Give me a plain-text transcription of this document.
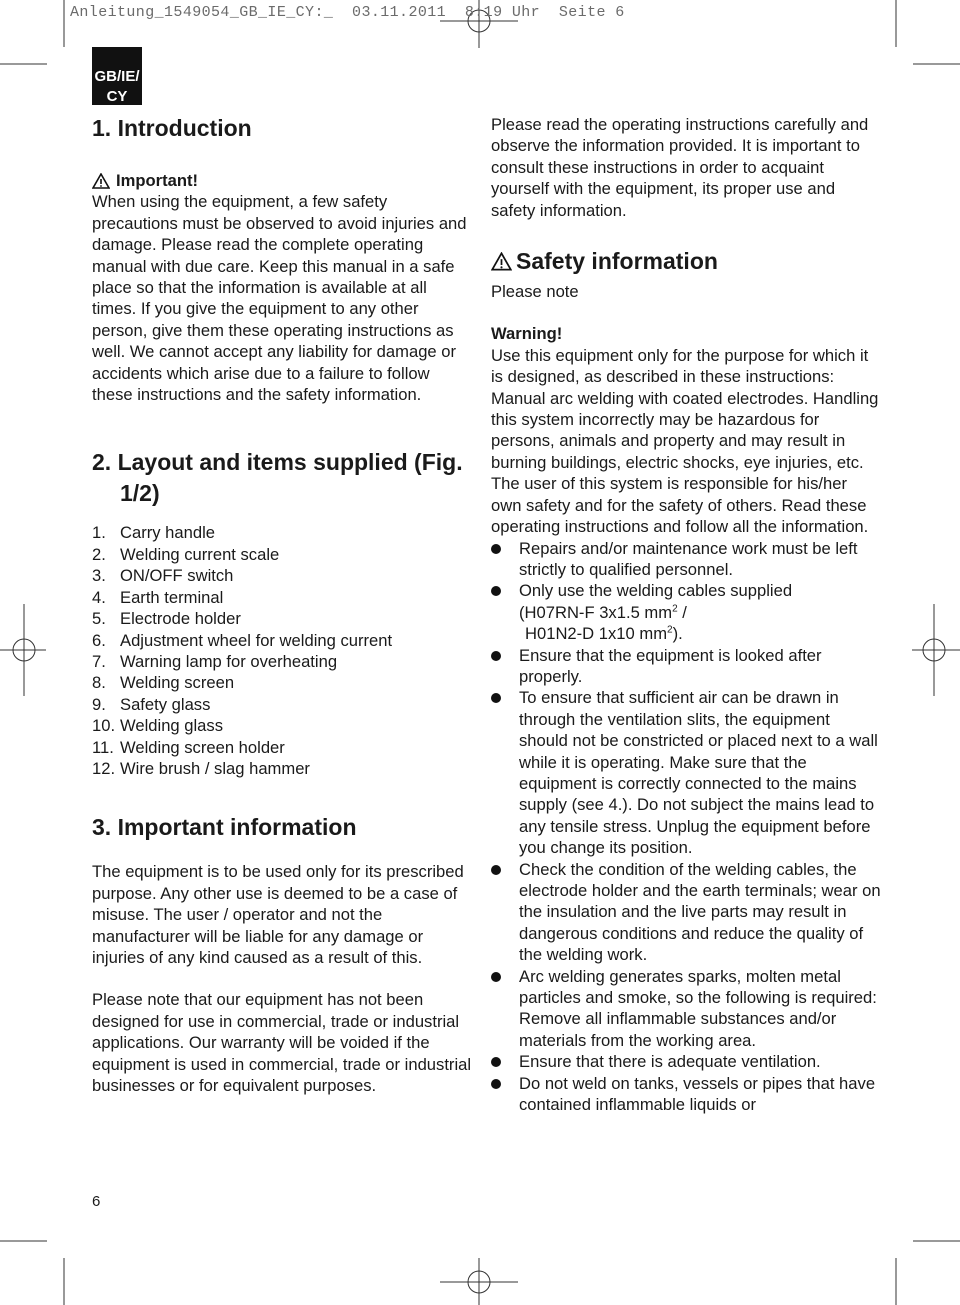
Anleitung_1549054_GB_IE_CY:_  03.11.2011  8:19 Uhr  Seite 6
GB/IE/
CY
1. Introduction
Important!

When using the equipment, a few safety precautions must be observed to avoid injuries and damage. Please read the complete operating manual with due care. Keep this manual in a safe place so that the information is available at all times. If you give the equipment to any other person, give them these operating instructions as well. We cannot accept any liability for damage or accidents which arise due to a failure to follow these instructions and the safety information.

2. Layout and items supplied (Fig. 1/2)
1. Carry handle
2. Welding current scale
3. ON/OFF switch
4. Earth terminal
5. Electrode holder
6. Adjustment wheel for welding current
7. Warning lamp for overheating
8. Welding screen
9. Safety glass
10. Welding glass
11. Welding screen holder
12. Wire brush / slag hammer
3. Important information

The equipment is to be used only for its prescribed purpose. Any other use is deemed to be a case of misuse. The user / operator and not the manufacturer will be liable for any damage or injuries of any kind caused as a result of this.

Please note that our equipment has not been designed for use in commercial, trade or industrial applications. Our warranty will be voided if the equipment is used in commercial, trade or industrial businesses or for equivalent purposes.

Please read the operating instructions carefully and observe the information provided. It is important to consult these instructions in order to acquaint yourself with the equipment, its proper use and safety information.

Safety information

Please note

Warning!

Use this equipment only for the purpose for which it is designed, as described in these instructions: Manual arc welding with coated electrodes. Handling this system incorrectly may be hazardous for persons, animals and property and may result in burning buildings, electric shocks, eye injuries, etc. The user of this system is responsible for his/her own safety and for the safety of others. Read these operating instructions and follow all the information.

Repairs and/or maintenance work must be left strictly to qualified personnel.
Only use the welding cables supplied
(H07RN-F 3x1.5 $mm^2$ /
H01N2-D 1x10 $mm^2$).
Ensure that the equipment is looked after properly.
To ensure that sufficient air can be drawn in through the ventilation slits, the equipment should not be constricted or placed next to a wall while it is operating. Make sure that the equipment is correctly connected to the mains supply (see 4.). Do not subject the mains lead to any tensile stress. Unplug the equipment before you change its position.
Check the condition of the welding cables, the electrode holder and the earth terminals; wear on the insulation and the live parts may result in dangerous conditions and reduce the quality of the welding work.
Arc welding generates sparks, molten metal particles and smoke, so the following is required: Remove all inflammable substances and/or materials from the working area.
Ensure that there is adequate ventilation.
Do not weld on tanks, vessels or pipes that have contained inflammable liquids or
6
